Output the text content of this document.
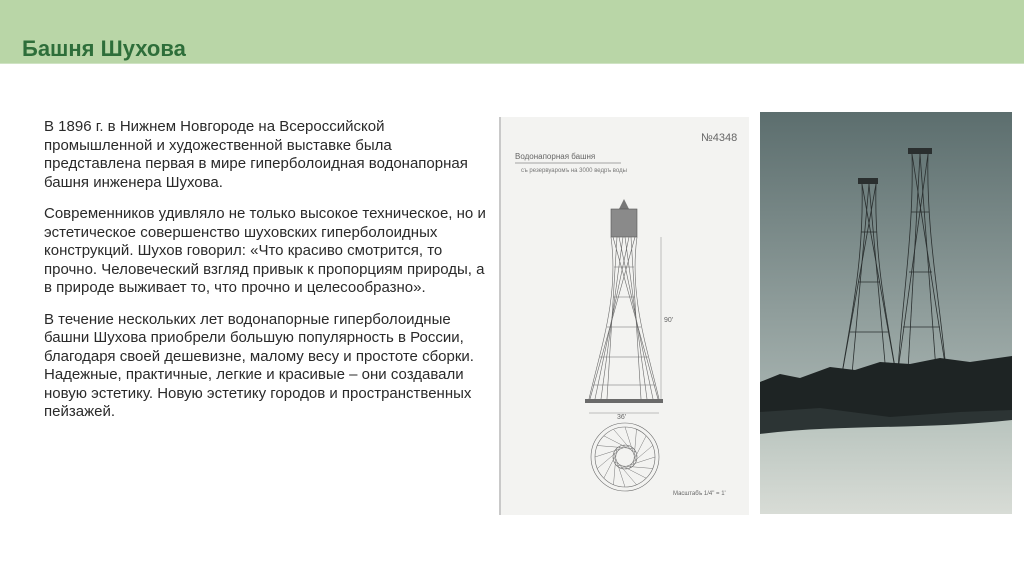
Башня Шухова

В 1896 г. в Нижнем Новгороде на Всероссийской промышленной и художественной выставке была представлена первая в мире гиперболоидная водонапорная башня инженера Шухова.

Современников удивляло не только высокое техническое, но и эстетическое совершенство шуховских гиперболоидных конструкций. Шухов говорил: «Что красиво смотрится, то прочно. Человеческий взгляд привык к пропорциям природы, а в природе выживает то, что прочно и целесообразно».

В течение нескольких лет водонапорные гиперболоидные башни Шухова приобрели большую популярность в России, благодаря своей дешевизне, малому весу и простоте сборки. Надежные, практичные, легкие и красивые – они создавали новую эстетику. Новую эстетику городов и пространственных пейзажей.

№4348
Водонапорная башня
съ резервуаромъ на 3000 ведръ воды
90'
36'
Масштабъ 1/4" = 1'
